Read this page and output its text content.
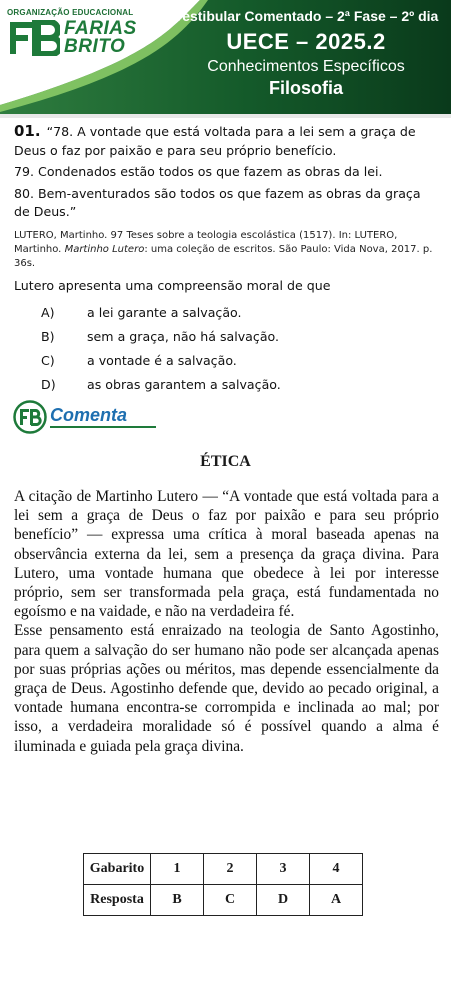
ORGANIZAÇÃO EDUCACIONAL
FARIAS
BRITO
Vestibular Comentado – 2ª Fase – 2º dia
UECE – 2025.2
Conhecimentos Específicos
Filosofia

01. “78. A vontade que está voltada para a lei sem a graça de Deus o faz por paixão e para seu próprio benefício.

79. Condenados estão todos os que fazem as obras da lei.

80. Bem-aventurados são todos os que fazem as obras da graça de Deus.”

LUTERO, Martinho. 97 Teses sobre a teologia escolástica (1517). In: LUTERO, Martinho. Martinho Lutero: uma coleção de escritos. São Paulo: Vida Nova, 2017. p. 36s.

Lutero apresenta uma compreensão moral de que

A)	a lei garante a salvação.
B)	sem a graça, não há salvação.
C)	a vontade é a salvação.
D)	as obras garantem a salvação.
Comenta
ÉTICA

A citação de Martinho Lutero — “A vontade que está voltada para a lei sem a graça de Deus o faz por paixão e para seu próprio benefício” — expressa uma crítica à moral baseada apenas na observância externa da lei, sem a presença da graça divina. Para Lutero, uma vontade humana que obedece à lei por interesse próprio, sem ser transformada pela graça, está fundamentada no egoísmo e na vaidade, e não na verdadeira fé.

Esse pensamento está enraizado na teologia de Santo Agostinho, para quem a salvação do ser humano não pode ser alcançada apenas por suas próprias ações ou méritos, mas depende essencialmente da graça de Deus. Agostinho defende que, devido ao pecado original, a vontade humana encontra-se corrompida e inclinada ao mal; por isso, a verdadeira moralidade só é possível quando a alma é iluminada e guiada pela graça divina.

Gabarito	1	2	3	4
Resposta	B	C	D	A
